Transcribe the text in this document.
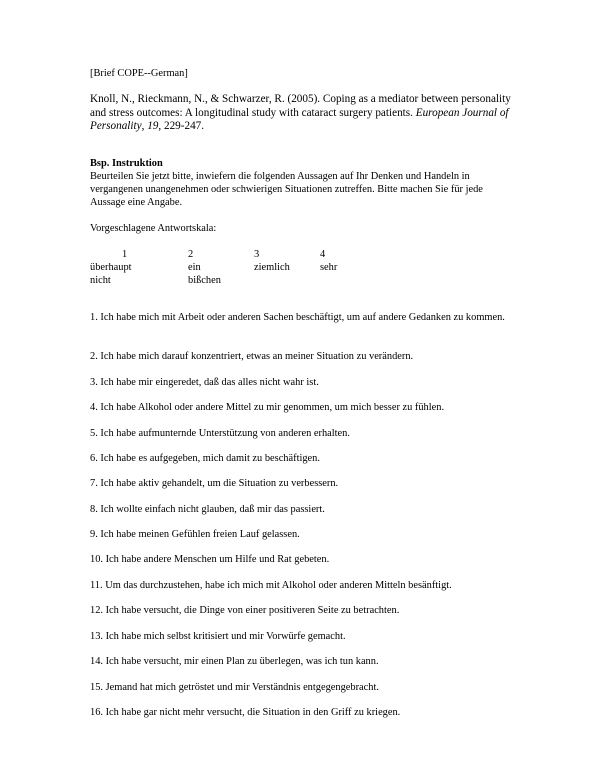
[Brief COPE--German]
Knoll, N., Rieckmann, N., & Schwarzer, R. (2005). Coping as a mediator between personality and stress outcomes: A longitudinal study with cataract surgery patients. European Journal of Personality, 19, 229-247.
Bsp. Instruktion
Beurteilen Sie jetzt bitte, inwiefern die folgenden Aussagen auf Ihr Denken und Handeln in vergangenen unangenehmen oder schwierigen Situationen zutreffen. Bitte machen Sie für jede Aussage eine Angabe.
Vorgeschlagene Antwortskala:
1
überhaupt
nicht
2
ein
bißchen
3
ziemlich
4
sehr
1. Ich habe mich mit Arbeit oder anderen Sachen beschäftigt, um auf andere Gedanken zu kommen.
2. Ich habe mich darauf konzentriert, etwas an meiner Situation zu verändern.
3. Ich habe mir eingeredet, daß das alles nicht wahr ist.
4. Ich habe Alkohol oder andere Mittel zu mir genommen, um mich besser zu fühlen.
5. Ich habe aufmunternde Unterstützung von anderen erhalten.
6. Ich habe es aufgegeben, mich damit zu beschäftigen.
7. Ich habe aktiv gehandelt, um die Situation zu verbessern.
8. Ich wollte einfach nicht glauben, daß mir das passiert.
9. Ich habe meinen Gefühlen freien Lauf gelassen.
10. Ich habe andere Menschen um Hilfe und Rat gebeten.
11. Um das durchzustehen, habe ich mich mit Alkohol oder anderen Mitteln besänftigt.
12. Ich habe versucht, die Dinge von einer positiveren Seite zu betrachten.
13. Ich habe mich selbst kritisiert und mir Vorwürfe gemacht.
14. Ich habe versucht, mir einen Plan zu überlegen, was ich tun kann.
15. Jemand hat mich getröstet und mir Verständnis entgegengebracht.
16. Ich habe gar nicht mehr versucht, die Situation in den Griff zu kriegen.
